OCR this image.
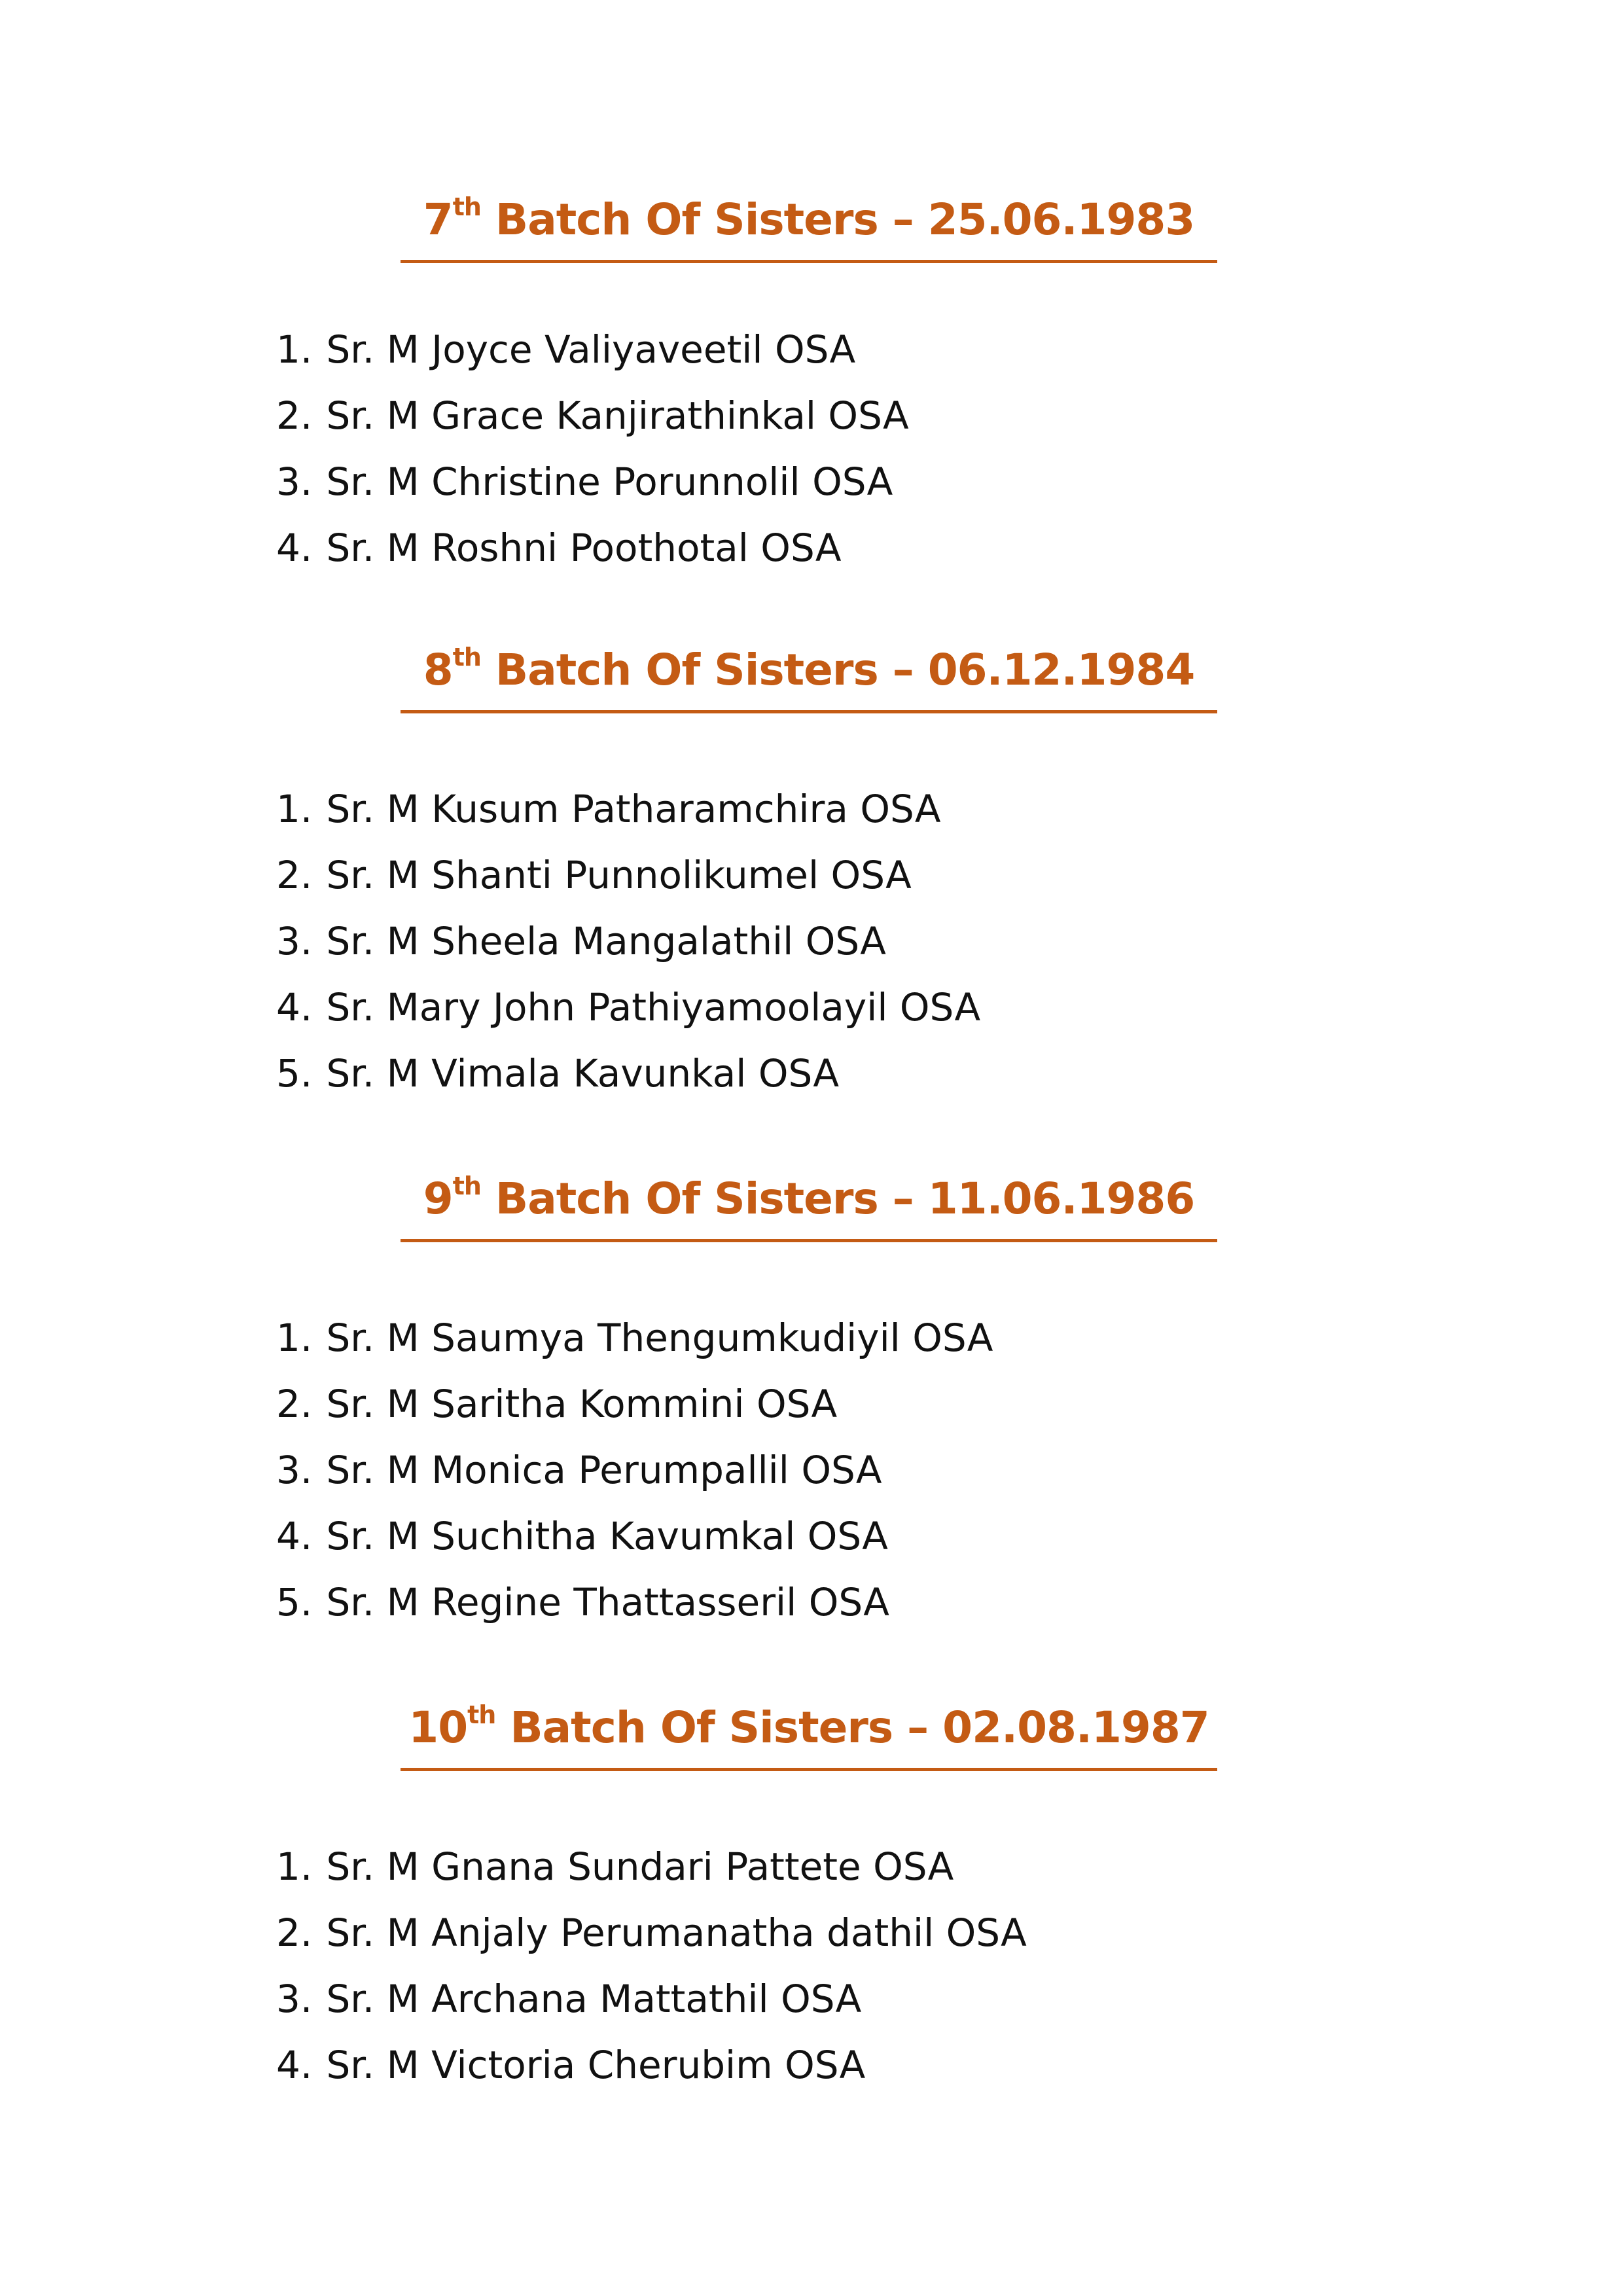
7th Batch Of Sisters – 25.06.1983
1. Sr. M Joyce Valiyaveetil OSA
2. Sr. M Grace Kanjirathinkal OSA
3. Sr. M Christine Porunnolil OSA
4. Sr. M Roshni Poothotal OSA
8th Batch Of Sisters – 06.12.1984
1. Sr. M Kusum Patharamchira OSA
2. Sr. M Shanti Punnolikumel OSA
3. Sr. M Sheela Mangalathil OSA
4. Sr. Mary John Pathiyamoolayil OSA
5. Sr. M Vimala Kavunkal OSA
9th Batch Of Sisters – 11.06.1986
1. Sr. M Saumya Thengumkudiyil OSA
2. Sr. M Saritha Kommini OSA
3. Sr. M Monica Perumpallil OSA
4. Sr. M Suchitha Kavumkal OSA
5. Sr. M Regine Thattasseril OSA
10th Batch Of Sisters – 02.08.1987
1. Sr. M Gnana Sundari Pattete OSA
2. Sr. M Anjaly Perumanatha dathil OSA
3. Sr. M Archana Mattathil OSA
4. Sr. M Victoria Cherubim OSA
